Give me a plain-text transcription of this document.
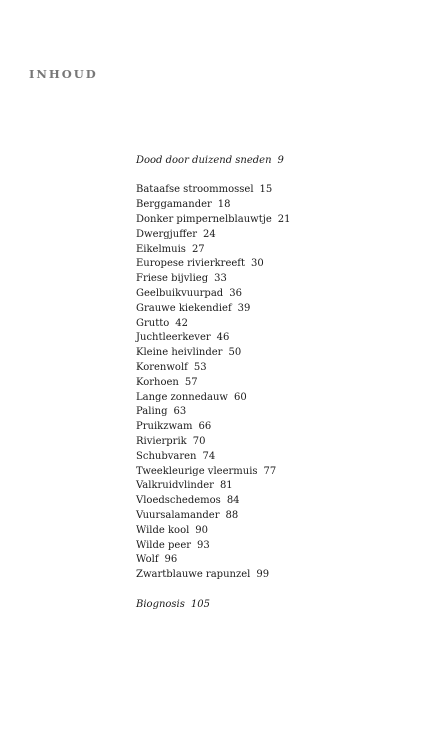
INHOUD
Dood door duizend sneden 9
Bataafse stroommossel 15
Berggamander 18
Donker pimpernelblauwtje 21
Dwergjuffer 24
Eikelmuis 27
Europese rivierkreeft 30
Friese bijvlieg 33
Geelbuikvuurpad 36
Grauwe kiekendief 39
Grutto 42
Juchtleerkever 46
Kleine heivlinder 50
Korenwolf 53
Korhoen 57
Lange zonnedauw 60
Paling 63
Pruikzwam 66
Rivierprik 70
Schubvaren 74
Tweekleurige vleermuis 77
Valkruidvlinder 81
Vloedschedemos 84
Vuursalamander 88
Wilde kool 90
Wilde peer 93
Wolf 96
Zwartblauwe rapunzel 99
Biognosis 105
